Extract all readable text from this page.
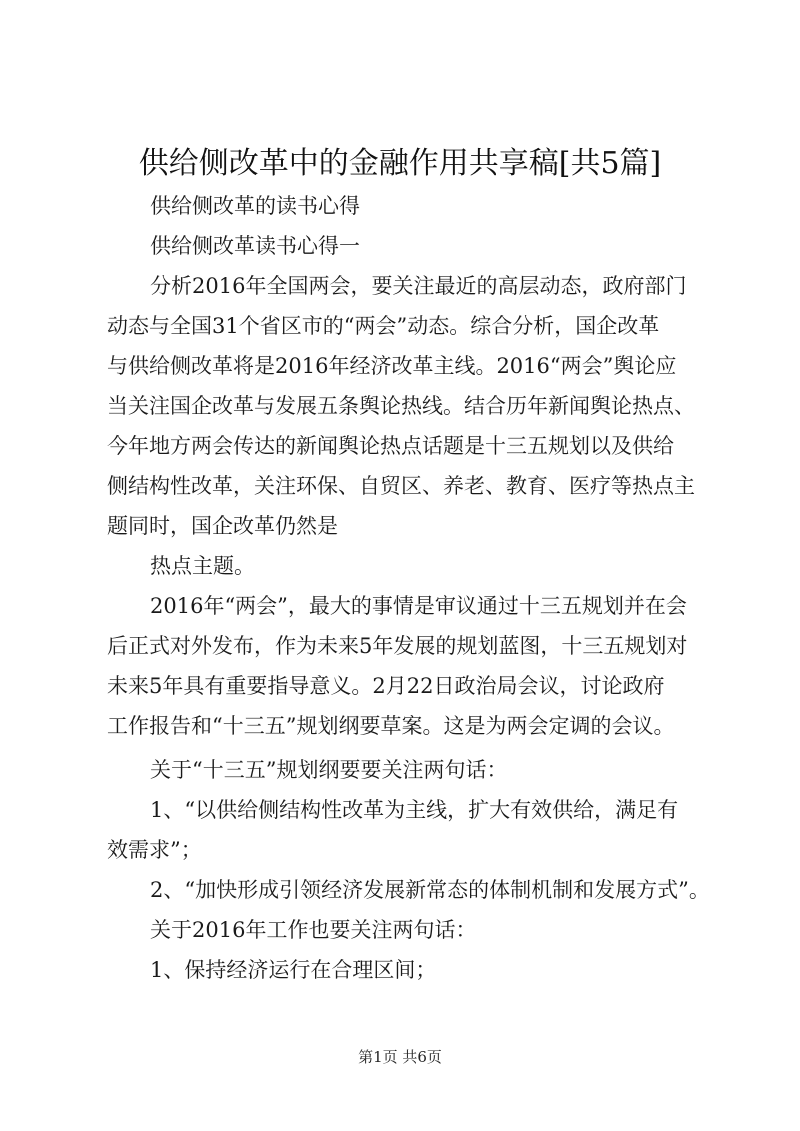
供给侧改革中的金融作用共享稿[共5篇]
供给侧改革的读书心得
供给侧改革读书心得一
分析2016年全国两会，要关注最近的高层动态，政府部门
动态与全国31个省区市的“两会”动态。综合分析，国企改革
与供给侧改革将是2016年经济改革主线。2016“两会”舆论应
当关注国企改革与发展五条舆论热线。结合历年新闻舆论热点、
今年地方两会传达的新闻舆论热点话题是十三五规划以及供给
侧结构性改革，关注环保、自贸区、养老、教育、医疗等热点主
题同时，国企改革仍然是
热点主题。
2016年“两会”，最大的事情是审议通过十三五规划并在会
后正式对外发布，作为未来5年发展的规划蓝图，十三五规划对
未来5年具有重要指导意义。2月22日政治局会议，讨论政府
工作报告和“十三五”规划纲要草案。这是为两会定调的会议。
关于“十三五”规划纲要要关注两句话：
1、“以供给侧结构性改革为主线，扩大有效供给，满足有
效需求”；
2、“加快形成引领经济发展新常态的体制机制和发展方式”。
关于2016年工作也要关注两句话：
1、保持经济运行在合理区间；
第1页 共6页
